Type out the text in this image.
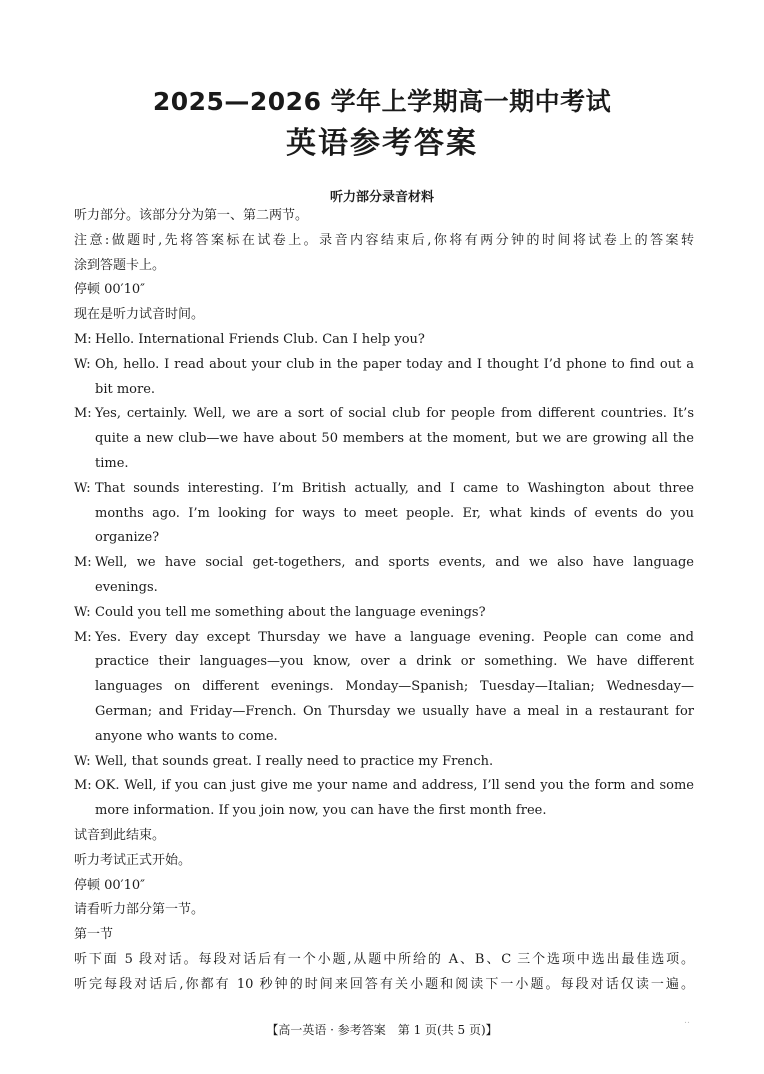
2025—2026 学年上学期高一期中考试
英语参考答案
听力部分录音材料
听力部分。该部分分为第一、第二两节。
注意:做题时,先将答案标在试卷上。录音内容结束后,你将有两分钟的时间将试卷上的答案转
涂到答题卡上。
停顿 00′10″
现在是听力试音时间。
M: Hello. International Friends Club. Can I help you?
W: Oh, hello. I read about your club in the paper today and I thought I’d phone to find out a
bit more.
M: Yes, certainly. Well, we are a sort of social club for people from different countries. It’s
quite a new club—we have about 50 members at the moment, but we are growing all the
time.
W: That sounds interesting. I’m British actually, and I came to Washington about three
months ago. I’m looking for ways to meet people. Er, what kinds of events do you
organize?
M: Well, we have social get-togethers, and sports events, and we also have language
evenings.
W: Could you tell me something about the language evenings?
M: Yes. Every day except Thursday we have a language evening. People can come and
practice their languages—you know, over a drink or something. We have different
languages on different evenings. Monday—Spanish; Tuesday—Italian; Wednesday—
German; and Friday—French. On Thursday we usually have a meal in a restaurant for
anyone who wants to come.
W: Well, that sounds great. I really need to practice my French.
M: OK. Well, if you can just give me your name and address, I’ll send you the form and some
more information. If you join now, you can have the first month free.
试音到此结束。
听力考试正式开始。
停顿 00′10″
请看听力部分第一节。
第一节
听下面 5 段对话。每段对话后有一个小题,从题中所给的 A、B、C 三个选项中选出最佳选项。
听完每段对话后,你都有 10 秒钟的时间来回答有关小题和阅读下一小题。每段对话仅读一遍。
【高一英语 · 参考答案　第 1 页(共 5 页)】
‥
